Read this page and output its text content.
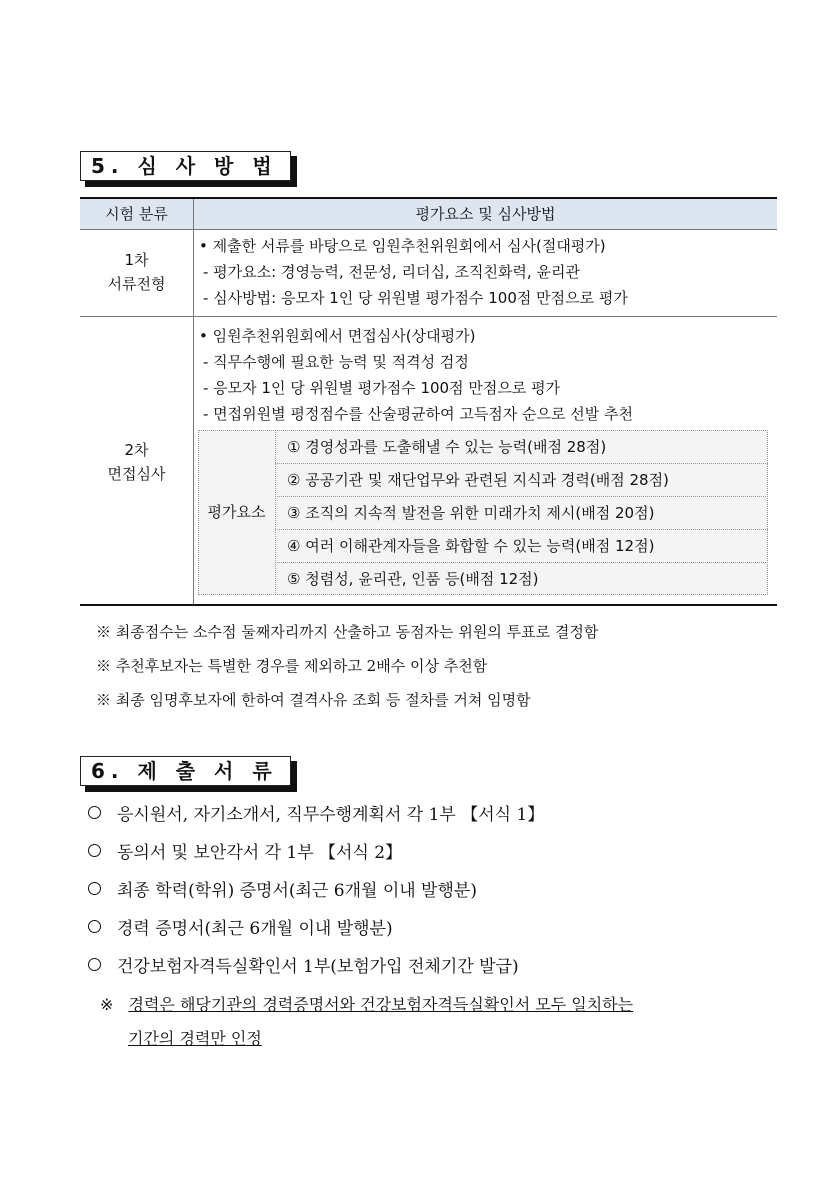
5. 심 사 방 법
시험 분류	평가요소 및 심사방법
1차
서류전형
• 제출한 서류를 바탕으로 임원추천위원회에서 심사(절대평가)
- 평가요소: 경영능력, 전문성, 리더십, 조직친화력, 윤리관
- 심사방법: 응모자 1인 당 위원별 평가점수 100점 만점으로 평가
2차
면접심사
• 임원추천위원회에서 면접심사(상대평가)
- 직무수행에 필요한 능력 및 적격성 검정
- 응모자 1인 당 위원별 평가점수 100점 만점으로 평가
- 면접위원별 평정점수를 산술평균하여 고득점자 순으로 선발 추천
평가요소
① 경영성과를 도출해낼 수 있는 능력(배점 28점)
② 공공기관 및 재단업무와 관련된 지식과 경력(배점 28점)
③ 조직의 지속적 발전을 위한 미래가치 제시(배점 20점)
④ 여러 이해관계자들을 화합할 수 있는 능력(배점 12점)
⑤ 청렴성, 윤리관, 인품 등(배점 12점)
※ 최종점수는 소수점 둘째자리까지 산출하고 동점자는 위원의 투표로 결정함
※ 추천후보자는 특별한 경우를 제외하고 2배수 이상 추천함
※ 최종 임명후보자에 한하여 결격사유 조회 등 절차를 거쳐 임명함
6. 제 출 서 류
응시원서, 자기소개서, 직무수행계획서 각 1부 【서식 1】
동의서 및 보안각서 각 1부 【서식 2】
최종 학력(학위) 증명서(최근 6개월 이내 발행분)
경력 증명서(최근 6개월 이내 발행분)
건강보험자격득실확인서 1부(보험가입 전체기간 발급)
※ 경력은 해당기관의 경력증명서와 건강보험자격득실확인서 모두 일치하는
기간의 경력만 인정
